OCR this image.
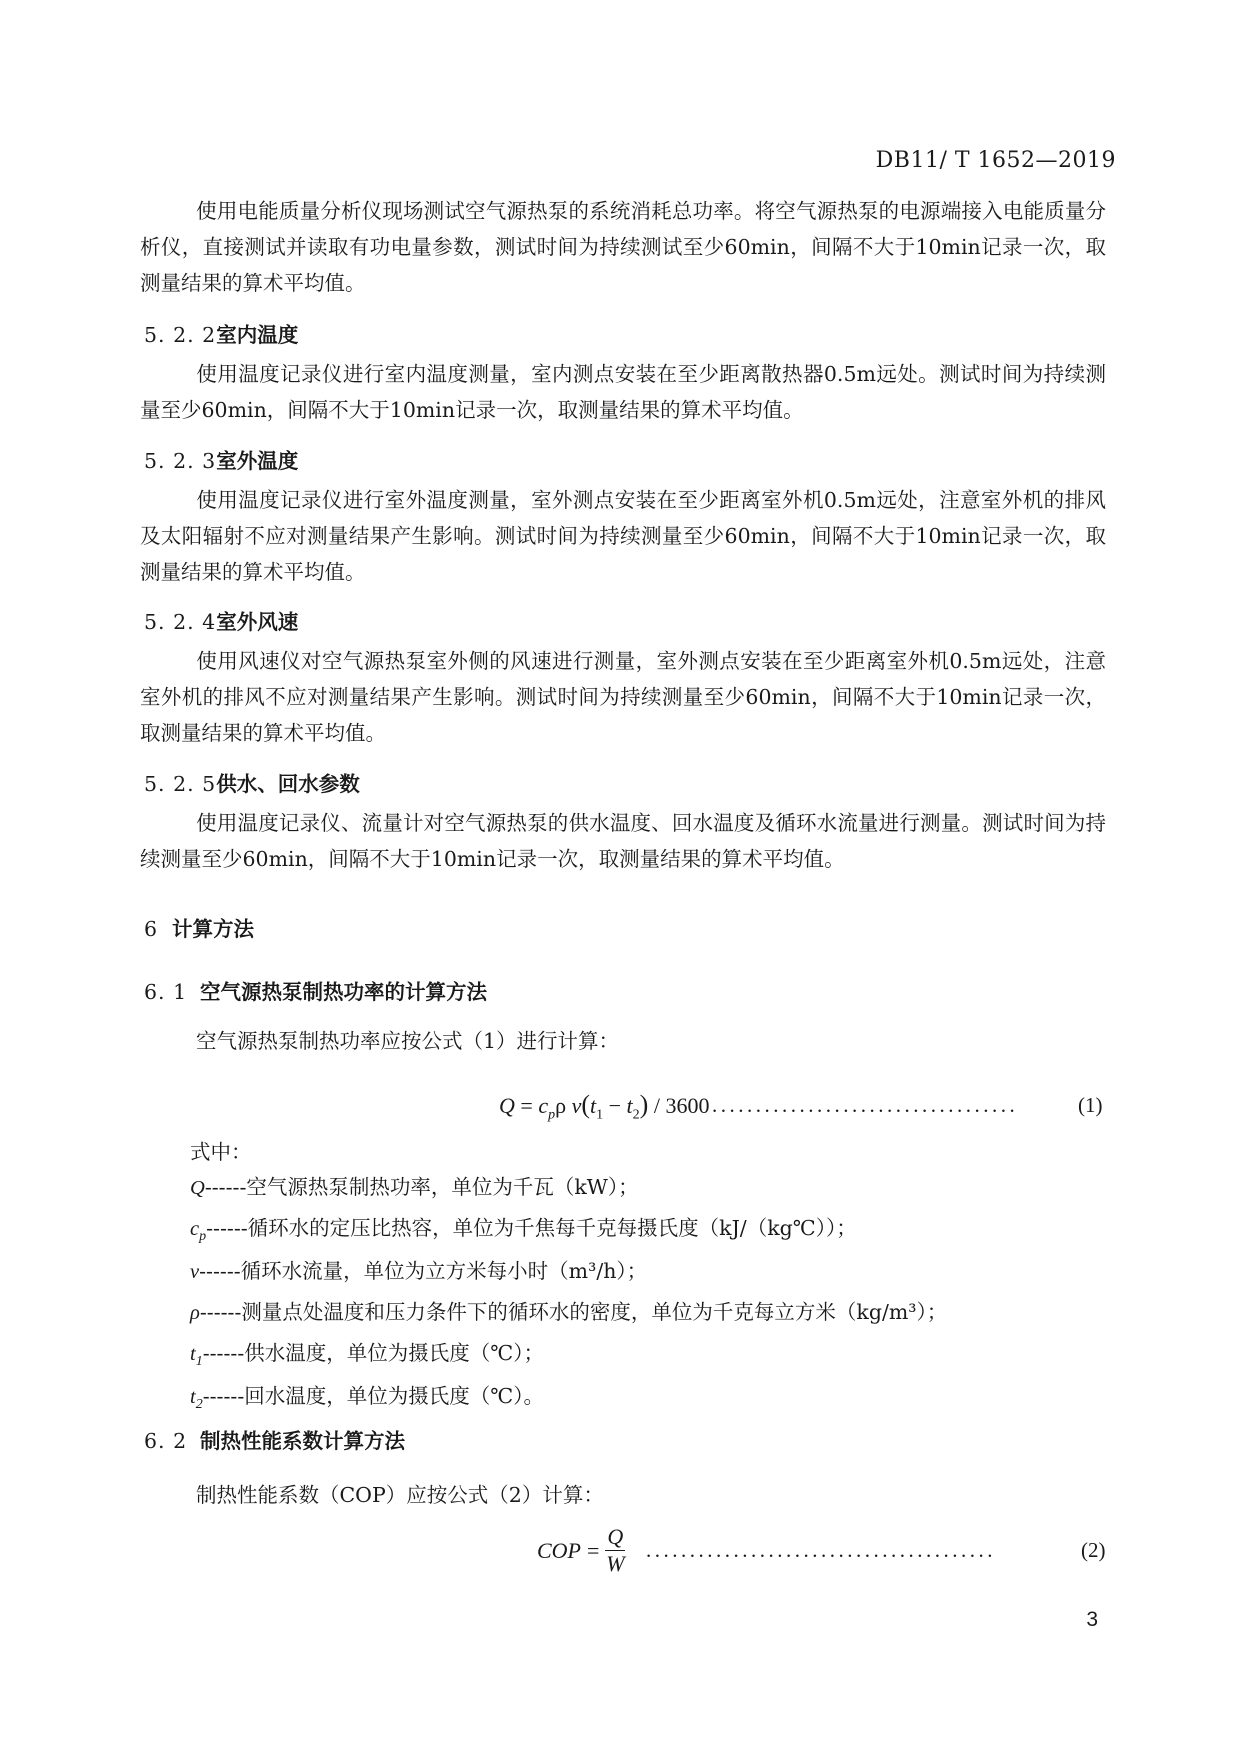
DB11/ T 1652—2019
使用电能质量分析仪现场测试空气源热泵的系统消耗总功率。将空气源热泵的电源端接入电能质量分析仪，直接测试并读取有功电量参数，测试时间为持续测试至少60min，间隔不大于10min记录一次，取测量结果的算术平均值。
5. 2. 2室内温度
使用温度记录仪进行室内温度测量，室内测点安装在至少距离散热器0.5m远处。测试时间为持续测量至少60min，间隔不大于10min记录一次，取测量结果的算术平均值。
5. 2. 3室外温度
使用温度记录仪进行室外温度测量，室外测点安装在至少距离室外机0.5m远处，注意室外机的排风及太阳辐射不应对测量结果产生影响。测试时间为持续测量至少60min，间隔不大于10min记录一次，取测量结果的算术平均值。
5. 2. 4室外风速
使用风速仪对空气源热泵室外侧的风速进行测量，室外测点安装在至少距离室外机0.5m远处，注意室外机的排风不应对测量结果产生影响。测试时间为持续测量至少60min，间隔不大于10min记录一次，取测量结果的算术平均值。
5. 2. 5供水、回水参数
使用温度记录仪、流量计对空气源热泵的供水温度、回水温度及循环水流量进行测量。测试时间为持续测量至少60min，间隔不大于10min记录一次，取测量结果的算术平均值。
6 计算方法
6. 1 空气源热泵制热功率的计算方法
空气源热泵制热功率应按公式（1）进行计算：
$Q = c_p\rho$ $v(t_1 - t_2) / 3600$ ...................................	(1)
式中：
Q------空气源热泵制热功率，单位为千瓦（kW）；
$c_p------$循环水的定压比热容，单位为千焦每千克每摄氏度（kJ/（kg℃））；
v------循环水流量，单位为立方米每小时（m³/h）；
ρ------测量点处温度和压力条件下的循环水的密度，单位为千克每立方米（kg/m³）；
$t_1------$供水温度，单位为摄氏度（℃）；
$t_2------$回水温度，单位为摄氏度（℃）。
6. 2 制热性能系数计算方法
制热性能系数（COP）应按公式（2）计算：
COP = $\frac{Q}{W}$ ........................................	(2)
3
